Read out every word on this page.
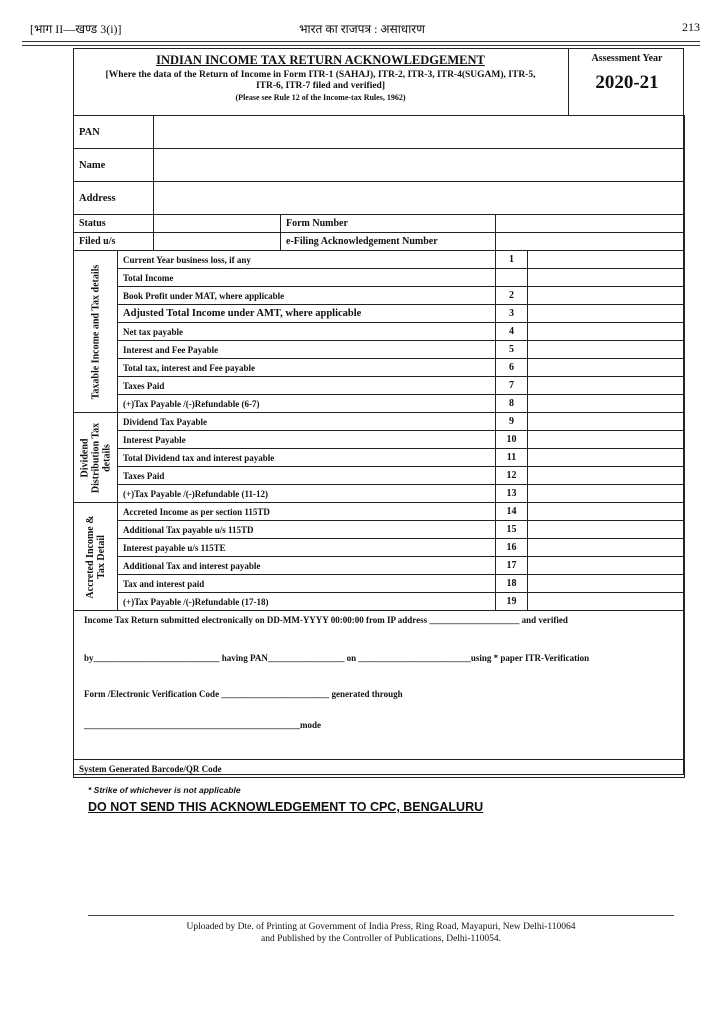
[भाग II—खण्ड 3(i)]	भारत का राजपत्र : असाधारण	213
INDIAN INCOME TAX RETURN ACKNOWLEDGEMENT
[Where the data of the Return of Income in Form ITR-1 (SAHAJ), ITR-2, ITR-3, ITR-4(SUGAM), ITR-5, ITR-6, ITR-7 filed and verified]
(Please see Rule 12 of the Income-tax Rules, 1962)
Assessment Year
2020-21
PAN					
Name					
Address					
Status			Form Number		
Filed u/s			e-Filing Acknowledgement Number		

Taxable Income and Tax details	Current Year business loss, if any			1	
	Total Income				
	Book Profit under MAT, where applicable			2	
	Adjusted Total Income under AMT, where applicable			3	
	Net tax payable			4	
	Interest and Fee Payable			5	
	Total tax, interest and Fee payable			6	
	Taxes Paid			7	
	(+)Tax Payable /(-)Refundable (6-7)			8	

Dividend Distribution Tax details	Dividend Tax Payable			9	
	Interest Payable			10	
	Total Dividend tax and interest payable			11	
	Taxes Paid			12	
	(+)Tax Payable /(-)Refundable (11-12)			13	

Accreted Income & Tax Detail	Accreted Income as per section 115TD			14	
	Additional Tax payable u/s 115TD			15	
	Interest payable u/s 115TE			16	
	Additional Tax and interest payable			17	
	Tax and interest paid			18	
	(+)Tax Payable /(-)Refundable (17-18)			19	

Income Tax Return submitted electronically on DD-MM-YYYY 00:00:00 from IP address ____________________ and verified
by____________________________ having PAN_________________ on _________________________using * paper ITR-Verification
Form /Electronic Verification Code ________________________ generated through
________________________________________________mode					

System Generated Barcode/QR Code					
* Strike of whichever is not applicable
DO NOT SEND THIS ACKNOWLEDGEMENT TO CPC, BENGALURU
Uploaded by Dte. of Printing at Government of India Press, Ring Road, Mayapuri, New Delhi-110064
and Published by the Controller of Publications, Delhi-110054.
